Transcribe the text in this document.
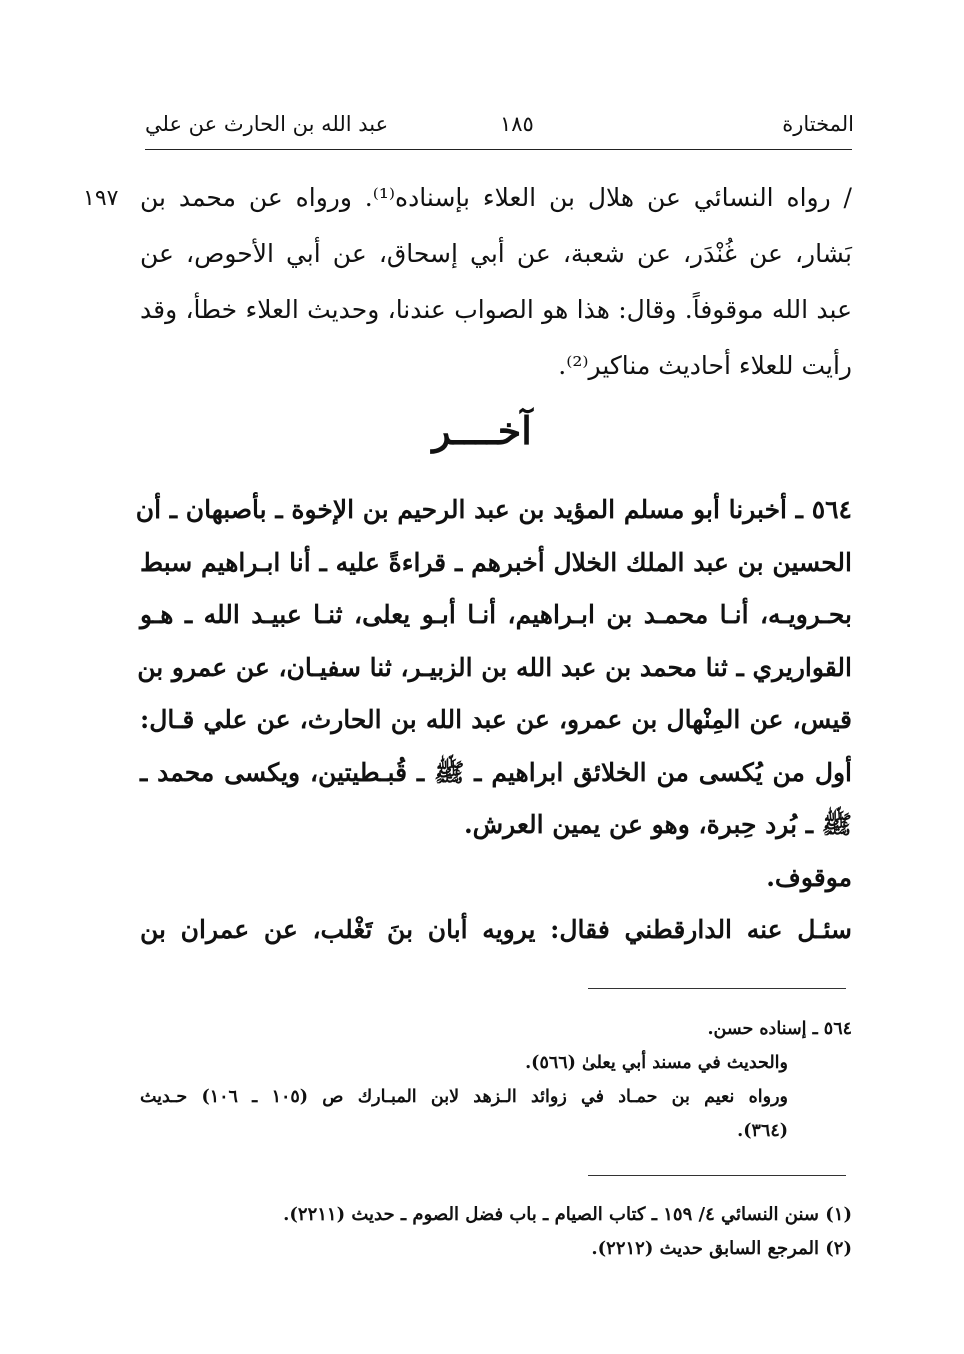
المختارة
١٨٥
عبد الله بن الحارث عن علي
١٩٧ / رواه النسائي عن هلال بن العلاء بإسناده⁽¹⁾. ورواه عن محمد بن
بَشار، عن غُنْدَر، عن شعبة، عن أبي إسحاق، عن أبي الأحوص، عن
عبد الله موقوفاً. وقال: هذا هو الصواب عندنا، وحديث العلاء خطأ، وقد
رأيت للعلاء أحاديث مناكير⁽²⁾.
آخــــر
٥٦٤ ـ أخبرنا أبو مسلم المؤيد بن عبد الرحيم بن الإخوة ـ بأصبهان ـ أن
الحسين بن عبد الملك الخلال أخبرهم ـ قراءةً عليه ـ أنا ابـراهيم سبط
بحـرويـه، أنـا محمـد بن ابـراهيم، أنـا أبـو يعلى، ثنـا عبيـد الله ـ هـو
القواريري ـ ثنا محمد بن عبد الله بن الزبيـر، ثنا سفيـان، عن عمرو بن
قيس، عن المِنْهال بن عمرو، عن عبد الله بن الحارث، عن علي قـال:
أول من يُكسى من الخلائق ابراهيم ـ ﷺ ـ قُبـطيتين، ويكسى محمد ـ
ﷺ ـ بُرد حِبرة، وهو عن يمين العرش.
موقوف.
سئـل عنه الدارقطني فقال: يرويه أبان بنَ تَغْلب، عن عمران بن
٥٦٤ ـ إسناده حسن.
والحديث في مسند أبي يعلىٰ (٥٦٦).
ورواه نعيم بن حمـاد في زوائد الـزهد لابن المبـارك ص (١٠٥ ـ ١٠٦) حـديث
(٣٦٤).
(١) سنن النسائي ٤/ ١٥٩ ـ كتاب الصيام ـ باب فضل الصوم ـ حديث (٢٢١١).
(٢) المرجع السابق حديث (٢٢١٢).
